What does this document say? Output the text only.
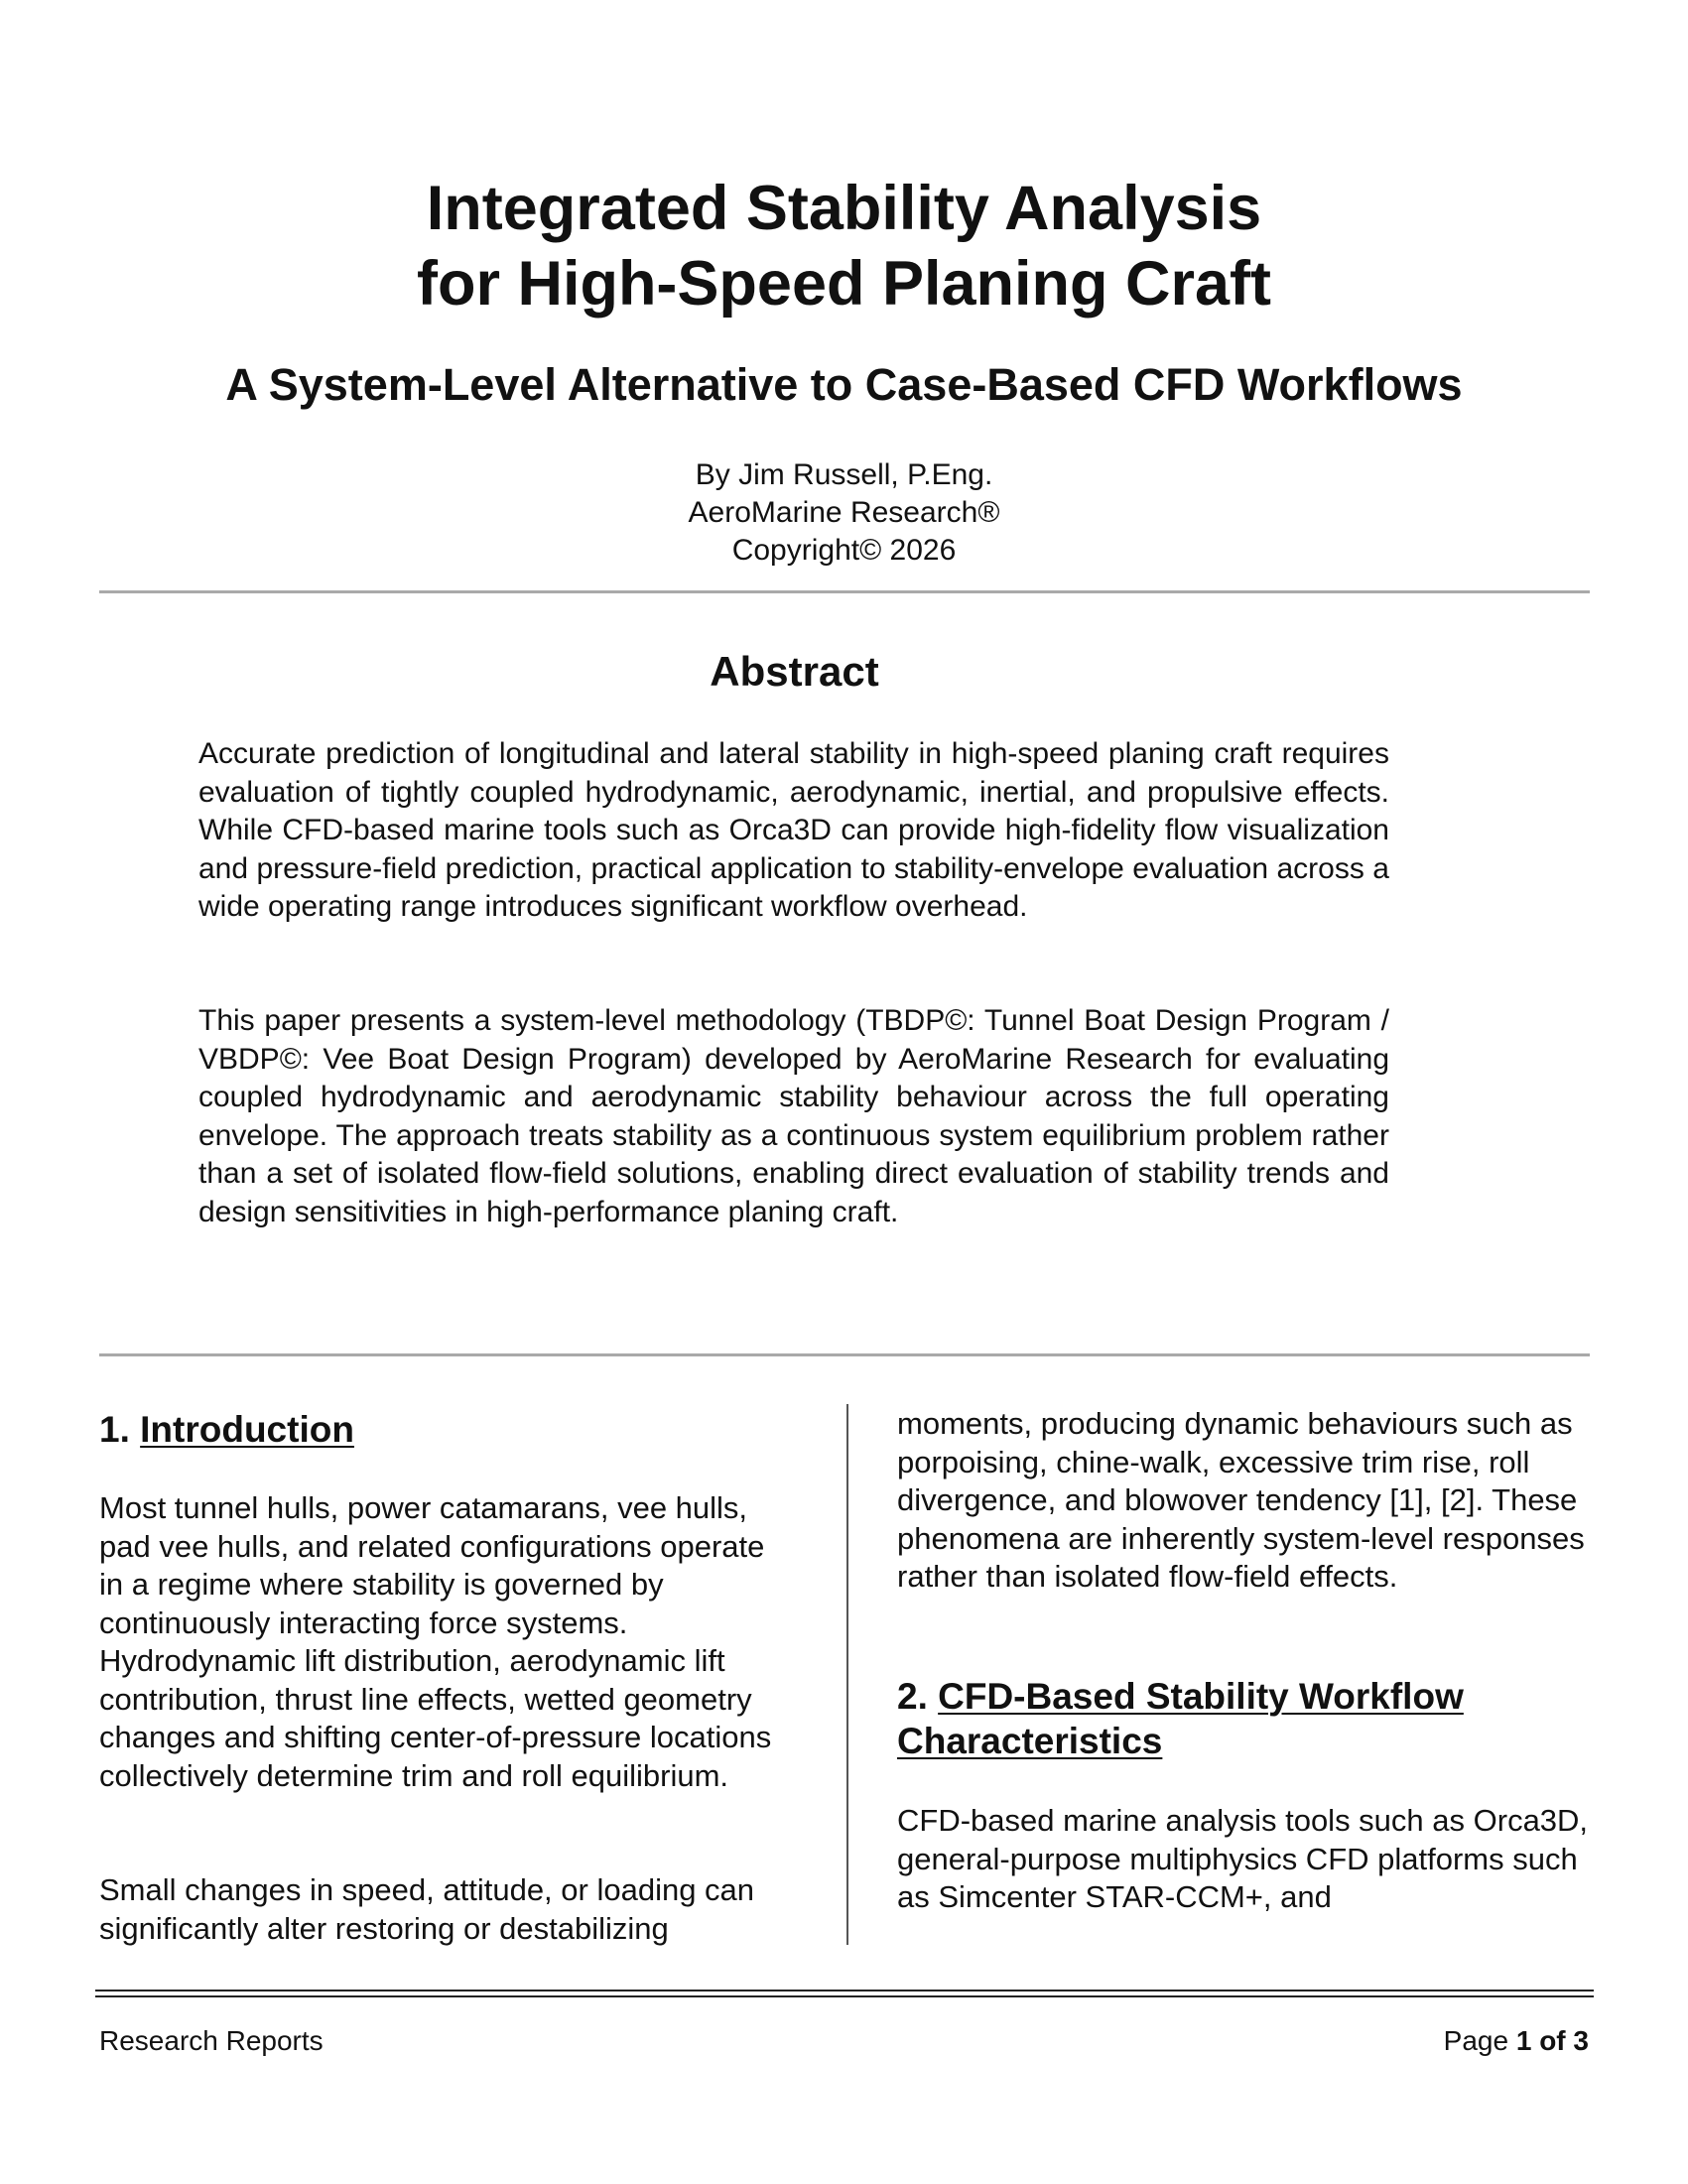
Integrated Stability Analysis
for High-Speed Planing Craft
A System-Level Alternative to Case-Based CFD Workflows
By Jim Russell, P.Eng.
AeroMarine Research®
Copyright© 2026
Abstract

Accurate prediction of longitudinal and lateral stability in high-speed planing craft requires evaluation of tightly coupled hydrodynamic, aerodynamic, inertial, and propulsive effects. While CFD-based marine tools such as Orca3D can provide high-fidelity flow visualization and pressure-field prediction, practical application to stability-envelope evaluation across a wide operating range introduces significant workflow overhead.

This paper presents a system-level methodology (TBDP©: Tunnel Boat Design Program / VBDP©: Vee Boat Design Program) developed by AeroMarine Research for evaluating coupled hydrodynamic and aerodynamic stability behaviour across the full operating envelope. The approach treats stability as a continuous system equilibrium problem rather than a set of isolated flow-field solutions, enabling direct evaluation of stability trends and design sensitivities in high-performance planing craft.

1. Introduction

Most tunnel hulls, power catamarans, vee hulls, pad vee hulls, and related configurations operate in a regime where stability is governed by continuously interacting force systems. Hydrodynamic lift distribution, aerodynamic lift contribution, thrust line effects, wetted geometry changes and shifting center-of-pressure locations collectively determine trim and roll equilibrium.

Small changes in speed, attitude, or loading can significantly alter restoring or destabilizing

moments, producing dynamic behaviours such as porpoising, chine-walk, excessive trim rise, roll divergence, and blowover tendency [1], [2]. These phenomena are inherently system-level responses rather than isolated flow-field effects.

2. CFD-Based Stability Workflow
Characteristics

CFD-based marine analysis tools such as Orca3D, general-purpose multiphysics CFD platforms such as Simcenter STAR-CCM+, and

Research Reports	Page 1 of 3
